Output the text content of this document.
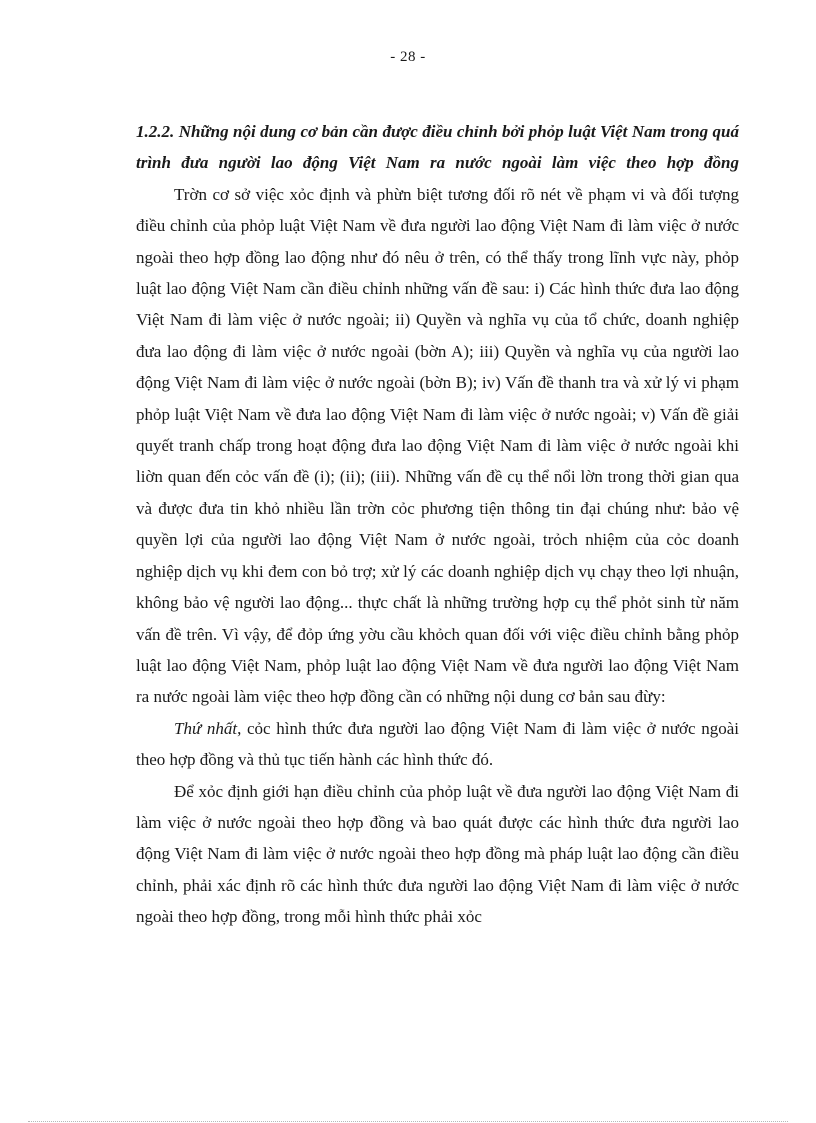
- 28 -

1.2.2. Những nội dung cơ bản cần được điều chỉnh bởi phỏp luật Việt Nam trong quá trình đưa người lao động Việt Nam ra nước ngoài làm việc theo hợp đồng

Trờn cơ sở việc xỏc định và phừn biệt tương đối rõ nét về phạm vi và đối tượng điều chỉnh của phỏp luật Việt Nam về đưa người lao động Việt Nam đi làm việc ở nước ngoài theo hợp đồng lao động như đó nêu ở trên, có thể thấy trong lĩnh vực này, phỏp luật lao động Việt Nam cần điều chỉnh những vấn đề sau: i) Các hình thức đưa lao động Việt Nam đi làm việc ở nước ngoài; ii) Quyền và nghĩa vụ của tổ chức, doanh nghiệp đưa lao động đi làm việc ở nước ngoài (bờn A); iii) Quyền và nghĩa vụ của người lao động Việt Nam đi làm việc ở nước ngoài (bờn B); iv) Vấn đề thanh tra và xử lý vi phạm phỏp luật Việt Nam về đưa lao động Việt Nam đi làm việc ở nước ngoài; v) Vấn đề giải quyết tranh chấp trong hoạt động đưa lao động Việt Nam đi làm việc ở nước ngoài khi liờn quan đến cỏc vấn đề (i); (ii); (iii). Những vấn đề cụ thể nổi lờn trong thời gian qua và được đưa tin khỏ nhiều lần trờn cỏc phương tiện thông tin đại chúng như: bảo vệ quyền lợi của người lao động Việt Nam ở nước ngoài, trỏch nhiệm của cỏc doanh nghiệp dịch vụ khi đem con bỏ trợ; xử lý các doanh nghiệp dịch vụ chạy theo lợi nhuận, không bảo vệ người lao động... thực chất là những trường hợp cụ thể phỏt sinh từ năm vấn đề trên. Vì vậy, để đỏp ứng yờu cầu khỏch quan đối với việc điều chỉnh bằng phỏp luật lao động Việt Nam, phỏp luật lao động Việt Nam về đưa người lao động Việt Nam ra nước ngoài làm việc theo hợp đồng cần có những nội dung cơ bản sau đừy:

Thứ nhất, cỏc hình thức đưa người lao động Việt Nam đi làm việc ở nước ngoài theo hợp đồng và thủ tục tiến hành các hình thức đó.

Để xỏc định giới hạn điều chỉnh của phỏp luật về đưa người lao động Việt Nam đi làm việc ở nước ngoài theo hợp đồng và bao quát được các hình thức đưa người lao động Việt Nam đi làm việc ở nước ngoài theo hợp đồng mà pháp luật lao động cần điều chỉnh, phải xác định rõ các hình thức đưa người lao động Việt Nam đi làm việc ở nước ngoài theo hợp đồng, trong mỗi hình thức phải xỏc
